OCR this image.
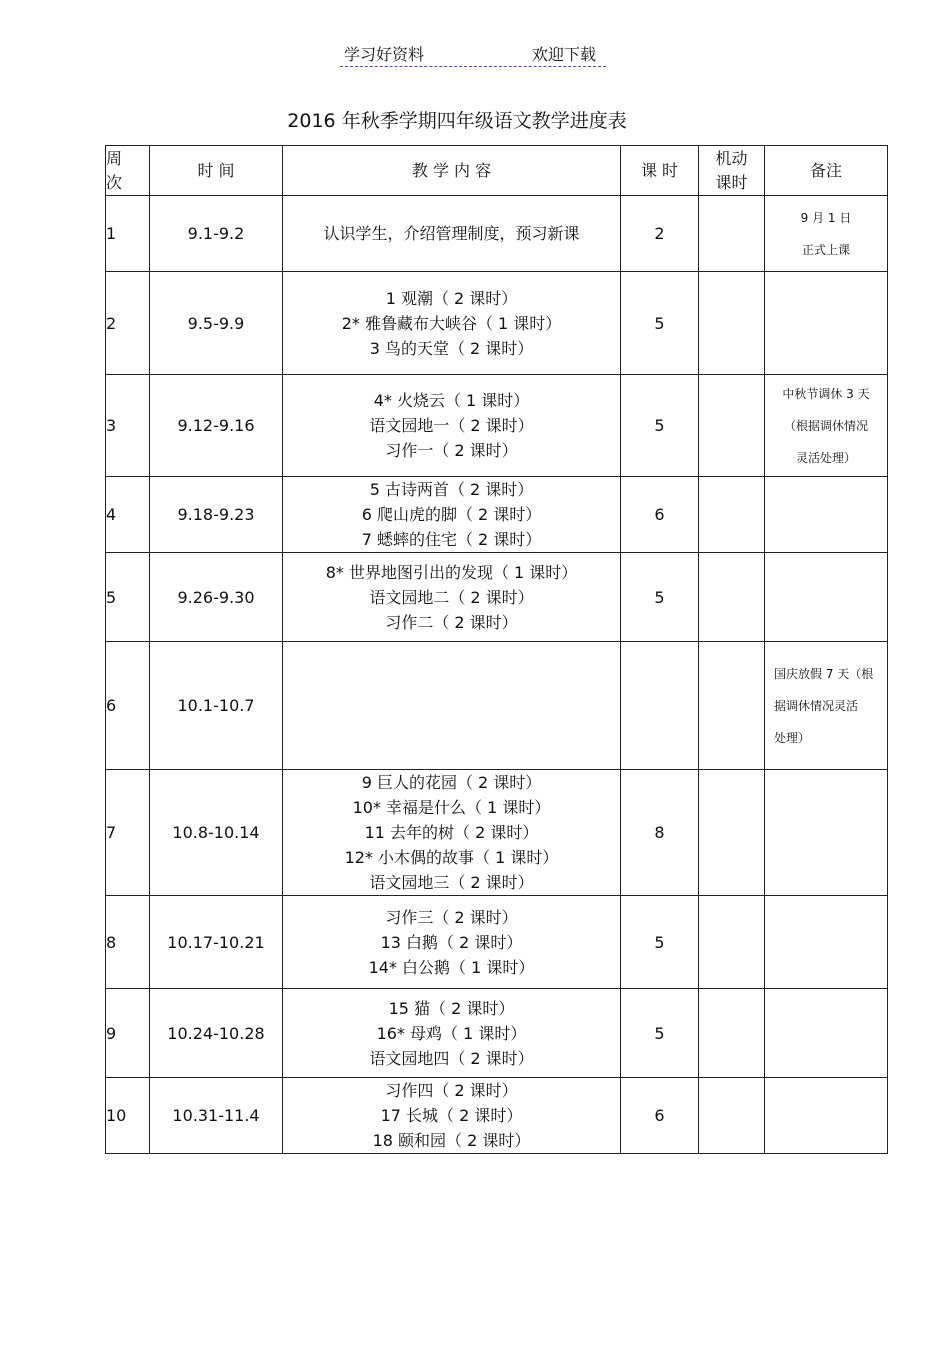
学习好资料	欢迎下载
2016 年秋季学期四年级语文教学进度表
周
次	时 间	教 学 内 容	课 时	机动
课时	备注
1	9.1-9.2	认识学生，介绍管理制度，预习新课	2		9 月 1 日
正式上课

2	9.5-9.9	1 观潮（ 2 课时）
2* 雅鲁藏布大峡谷（ 1 课时）
3 鸟的天堂（ 2 课时）	5		
3	9.12-9.16	4* 火烧云（ 1 课时）
语文园地一（ 2 课时）
习作一（ 2 课时）	5		中秋节调休 3 天
（根据调休情况
灵活处理）

4	9.18-9.23	5 古诗两首（ 2 课时）
6 爬山虎的脚（ 2 课时）
7 蟋蟀的住宅（ 2 课时）	6		
5	9.26-9.30	8* 世界地图引出的发现（ 1 课时）
语文园地二（ 2 课时）
习作二（ 2 课时）	5		
6	10.1-10.7				国庆放假 7 天（根
据调休情况灵活
处理）

7	10.8-10.14	9 巨人的花园（ 2 课时）
10* 幸福是什么（ 1 课时）
11 去年的树（ 2 课时）
12* 小木偶的故事（ 1 课时）
语文园地三（ 2 课时）	8		
8	10.17-10.21	习作三（ 2 课时）
13 白鹅（ 2 课时）
14* 白公鹅（ 1 课时）	5		
9	10.24-10.28	15 猫（ 2 课时）
16* 母鸡（ 1 课时）
语文园地四（ 2 课时）	5		
10	10.31-11.4	习作四（ 2 课时）
17 长城（ 2 课时）
18 颐和园（ 2 课时）	6		
